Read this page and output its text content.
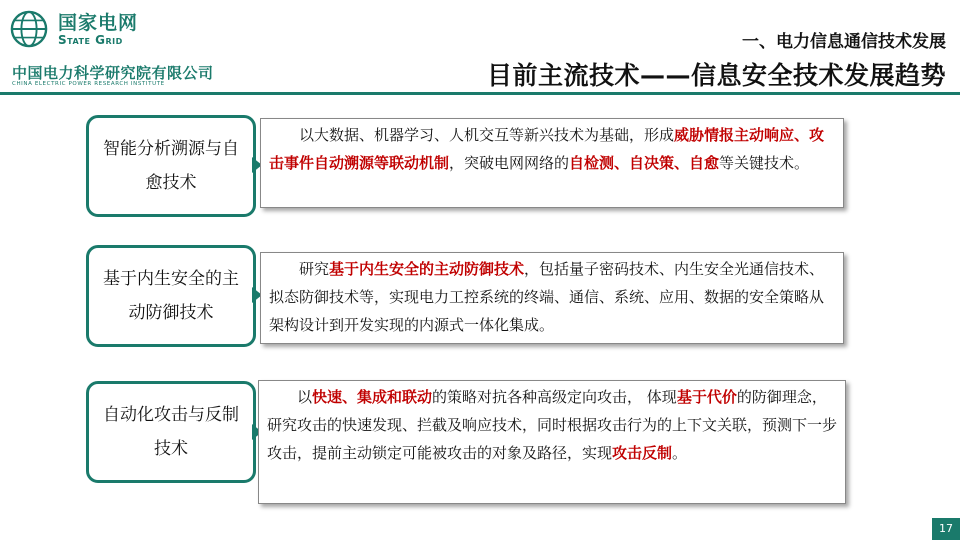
国家电网
State Grid
中国电力科学研究院有限公司
CHINA ELECTRIC POWER RESEARCH INSTITUTE
一、电力信息通信技术发展
目前主流技术——信息安全技术发展趋势
智能分析溯源与自愈技术
以大数据、机器学习、人机交互等新兴技术为基础，形成威胁情报主动响应、攻击事件自动溯源等联动机制，突破电网网络的自检测、自决策、自愈等关键技术。
基于内生安全的主动防御技术
研究基于内生安全的主动防御技术，包括量子密码技术、内生安全光通信技术、拟态防御技术等，实现电力工控系统的终端、通信、系统、应用、数据的安全策略从架构设计到开发实现的内源式一体化集成。
自动化攻击与反制技术
以快速、集成和联动的策略对抗各种高级定向攻击， 体现基于代价的防御理念，研究攻击的快速发现、拦截及响应技术，同时根据攻击行为的上下文关联，预测下一步攻击，提前主动锁定可能被攻击的对象及路径，实现攻击反制。
17
